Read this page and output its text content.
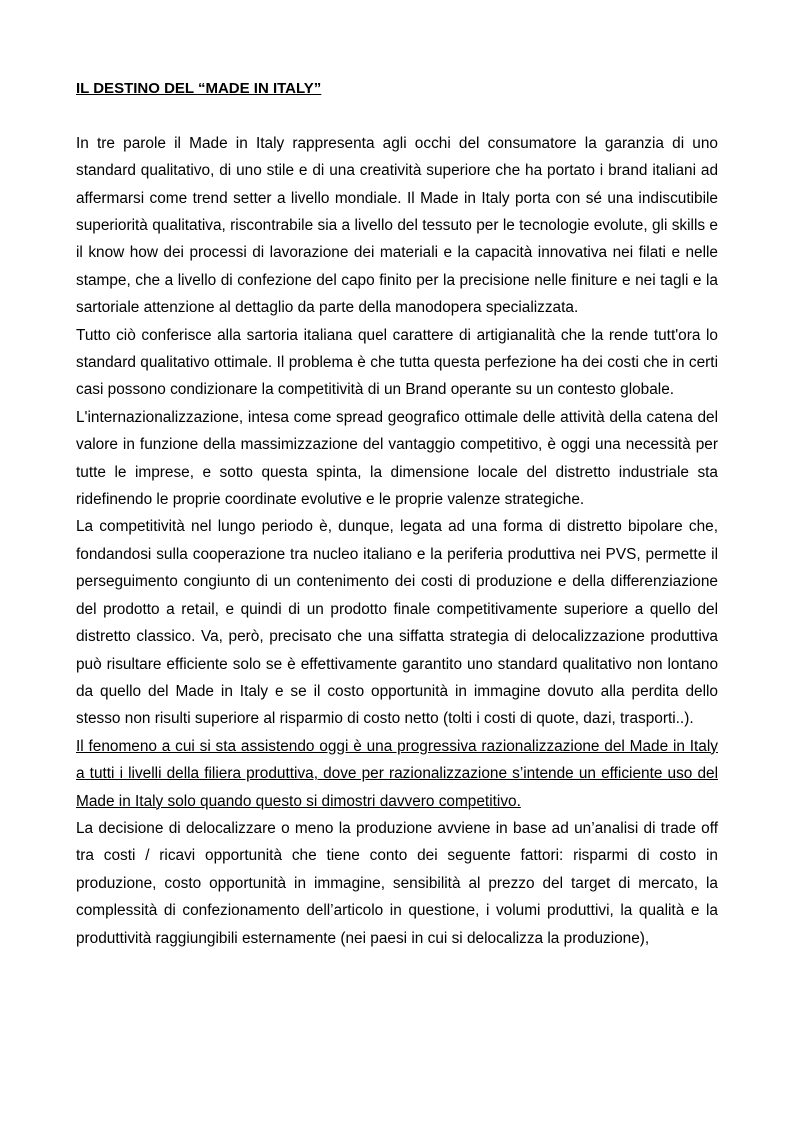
IL DESTINO DEL “MADE IN ITALY”

In tre parole il Made in Italy rappresenta agli occhi del consumatore la garanzia di uno standard qualitativo, di uno stile e di una creatività superiore che ha portato i brand italiani ad affermarsi come trend setter a livello mondiale. Il Made in Italy porta con sé una indiscutibile superiorità qualitativa, riscontrabile sia a livello del tessuto per le tecnologie evolute, gli skills e il know how dei processi di lavorazione dei materiali e la capacità innovativa nei filati e nelle stampe, che a livello di confezione del capo finito per la precisione nelle finiture e nei tagli e la sartoriale attenzione al dettaglio da parte della manodopera specializzata.

Tutto ciò conferisce alla sartoria italiana quel carattere di artigianalità che la rende tutt'ora lo standard qualitativo ottimale. Il problema è che tutta questa perfezione ha dei costi che in certi casi possono condizionare la competitività di un Brand operante su un contesto globale.

L'internazionalizzazione, intesa come spread geografico ottimale delle attività della catena del valore in funzione della massimizzazione del vantaggio competitivo, è oggi una necessità per tutte le imprese, e sotto questa spinta, la dimensione locale del distretto industriale sta ridefinendo le proprie coordinate evolutive e le proprie valenze strategiche.

La competitività nel lungo periodo è, dunque, legata ad una forma di distretto bipolare che, fondandosi sulla cooperazione tra nucleo italiano e la periferia produttiva nei PVS, permette il perseguimento congiunto di un contenimento dei costi di produzione e della differenziazione del prodotto a retail, e quindi di un prodotto finale competitivamente superiore a quello del distretto classico. Va, però, precisato che una siffatta strategia di delocalizzazione produttiva può risultare efficiente solo se è effettivamente garantito uno standard qualitativo non lontano da quello del Made in Italy e se il costo opportunità in immagine dovuto alla perdita dello stesso non risulti superiore al risparmio di costo netto (tolti i costi di quote, dazi, trasporti..).

Il fenomeno a cui si sta assistendo oggi è una progressiva razionalizzazione del Made in Italy a tutti i livelli della filiera produttiva, dove per razionalizzazione s’intende un efficiente uso del Made in Italy solo quando questo si dimostri davvero competitivo.

La decisione di delocalizzare o meno la produzione avviene in base ad un’analisi di trade off tra costi / ricavi opportunità che tiene conto dei seguente fattori: risparmi di costo in produzione, costo opportunità in immagine, sensibilità al prezzo del target di mercato, la complessità di confezionamento dell’articolo in questione, i volumi produttivi, la qualità e la produttività raggiungibili esternamente (nei paesi in cui si delocalizza la produzione),
